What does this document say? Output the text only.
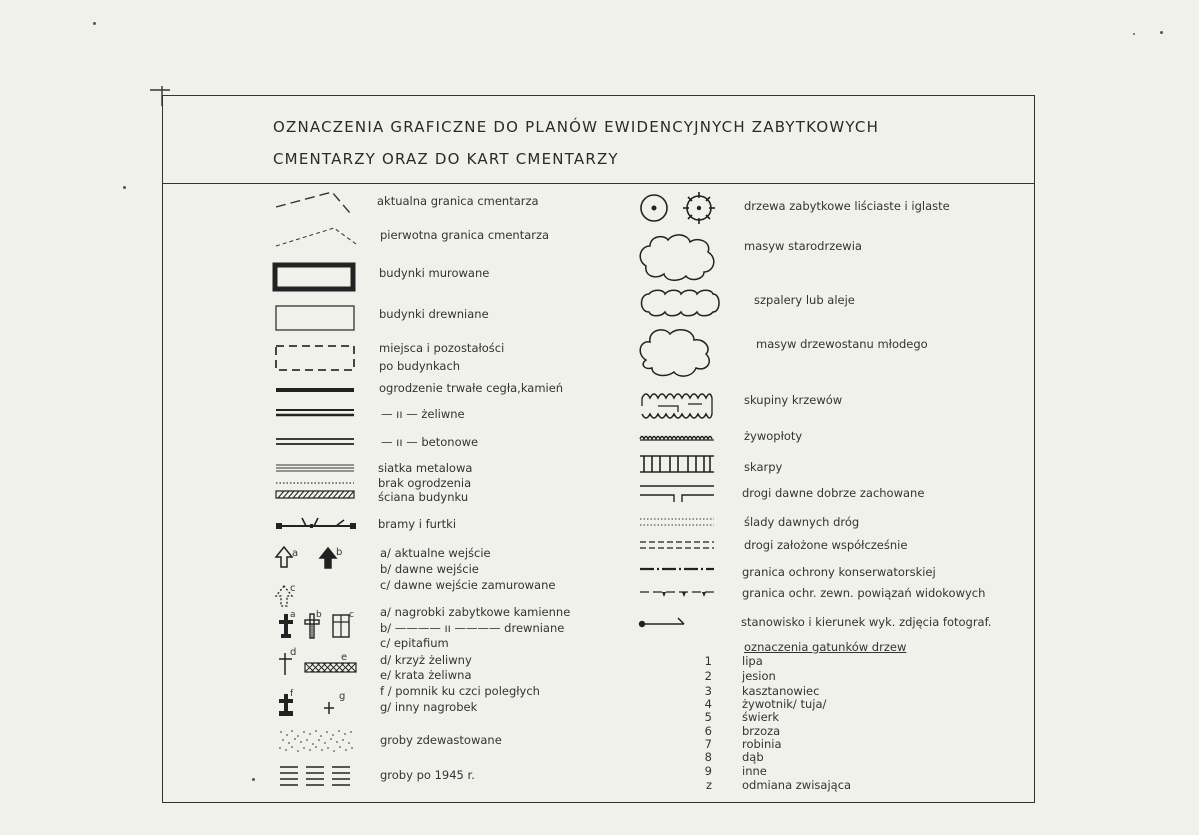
OZNACZENIA GRAFICZNE DO PLANÓW EWIDENCYJNYCH ZABYTKOWYCH
CMENTARZY ORAZ DO KART CMENTARZY
aktualna granica cmentarza
pierwotna granica cmentarza
budynki murowane
budynki drewniane
miejsca i pozostałości
po budynkach
ogrodzenie trwałe cegła,kamień
— ıı — żeliwne
— ıı — betonowe
siatka metalowa
brak ogrodzenia
ściana budynku
bramy i furtki
a	b
c
a/ aktualne wejście
b/ dawne wejście
c/ dawne wejście zamurowane
a b	c a/ nagrobki zabytkowe kamienne
b/ ———— ıı ———— drewniane
c/ epitafium
d	e	d/ krzyż żeliwny
e/ krata żeliwna
f	g	f / pomnik ku czci poległych
g/ inny nagrobek
groby zdewastowane
groby po 1945 r.
drzewa zabytkowe liściaste i iglaste
masyw starodrzewia
szpalery lub aleje
masyw drzewostanu młodego
skupiny krzewów
żywopłoty
skarpy
drogi dawne dobrze zachowane
ślady dawnych dróg
drogi założone współcześnie
granica ochrony konserwatorskiej
granica ochr. zewn. powiązań widokowych
stanowisko i kierunek wyk. zdjęcia fotograf.
oznaczenia gatunków drzew
1	lipa
2	jesion
3	kasztanowiec
4	żywotnik/ tuja/
5	świerk
6	brzoza
7	robinia
8	dąb
9	inne
z	odmiana zwisająca
